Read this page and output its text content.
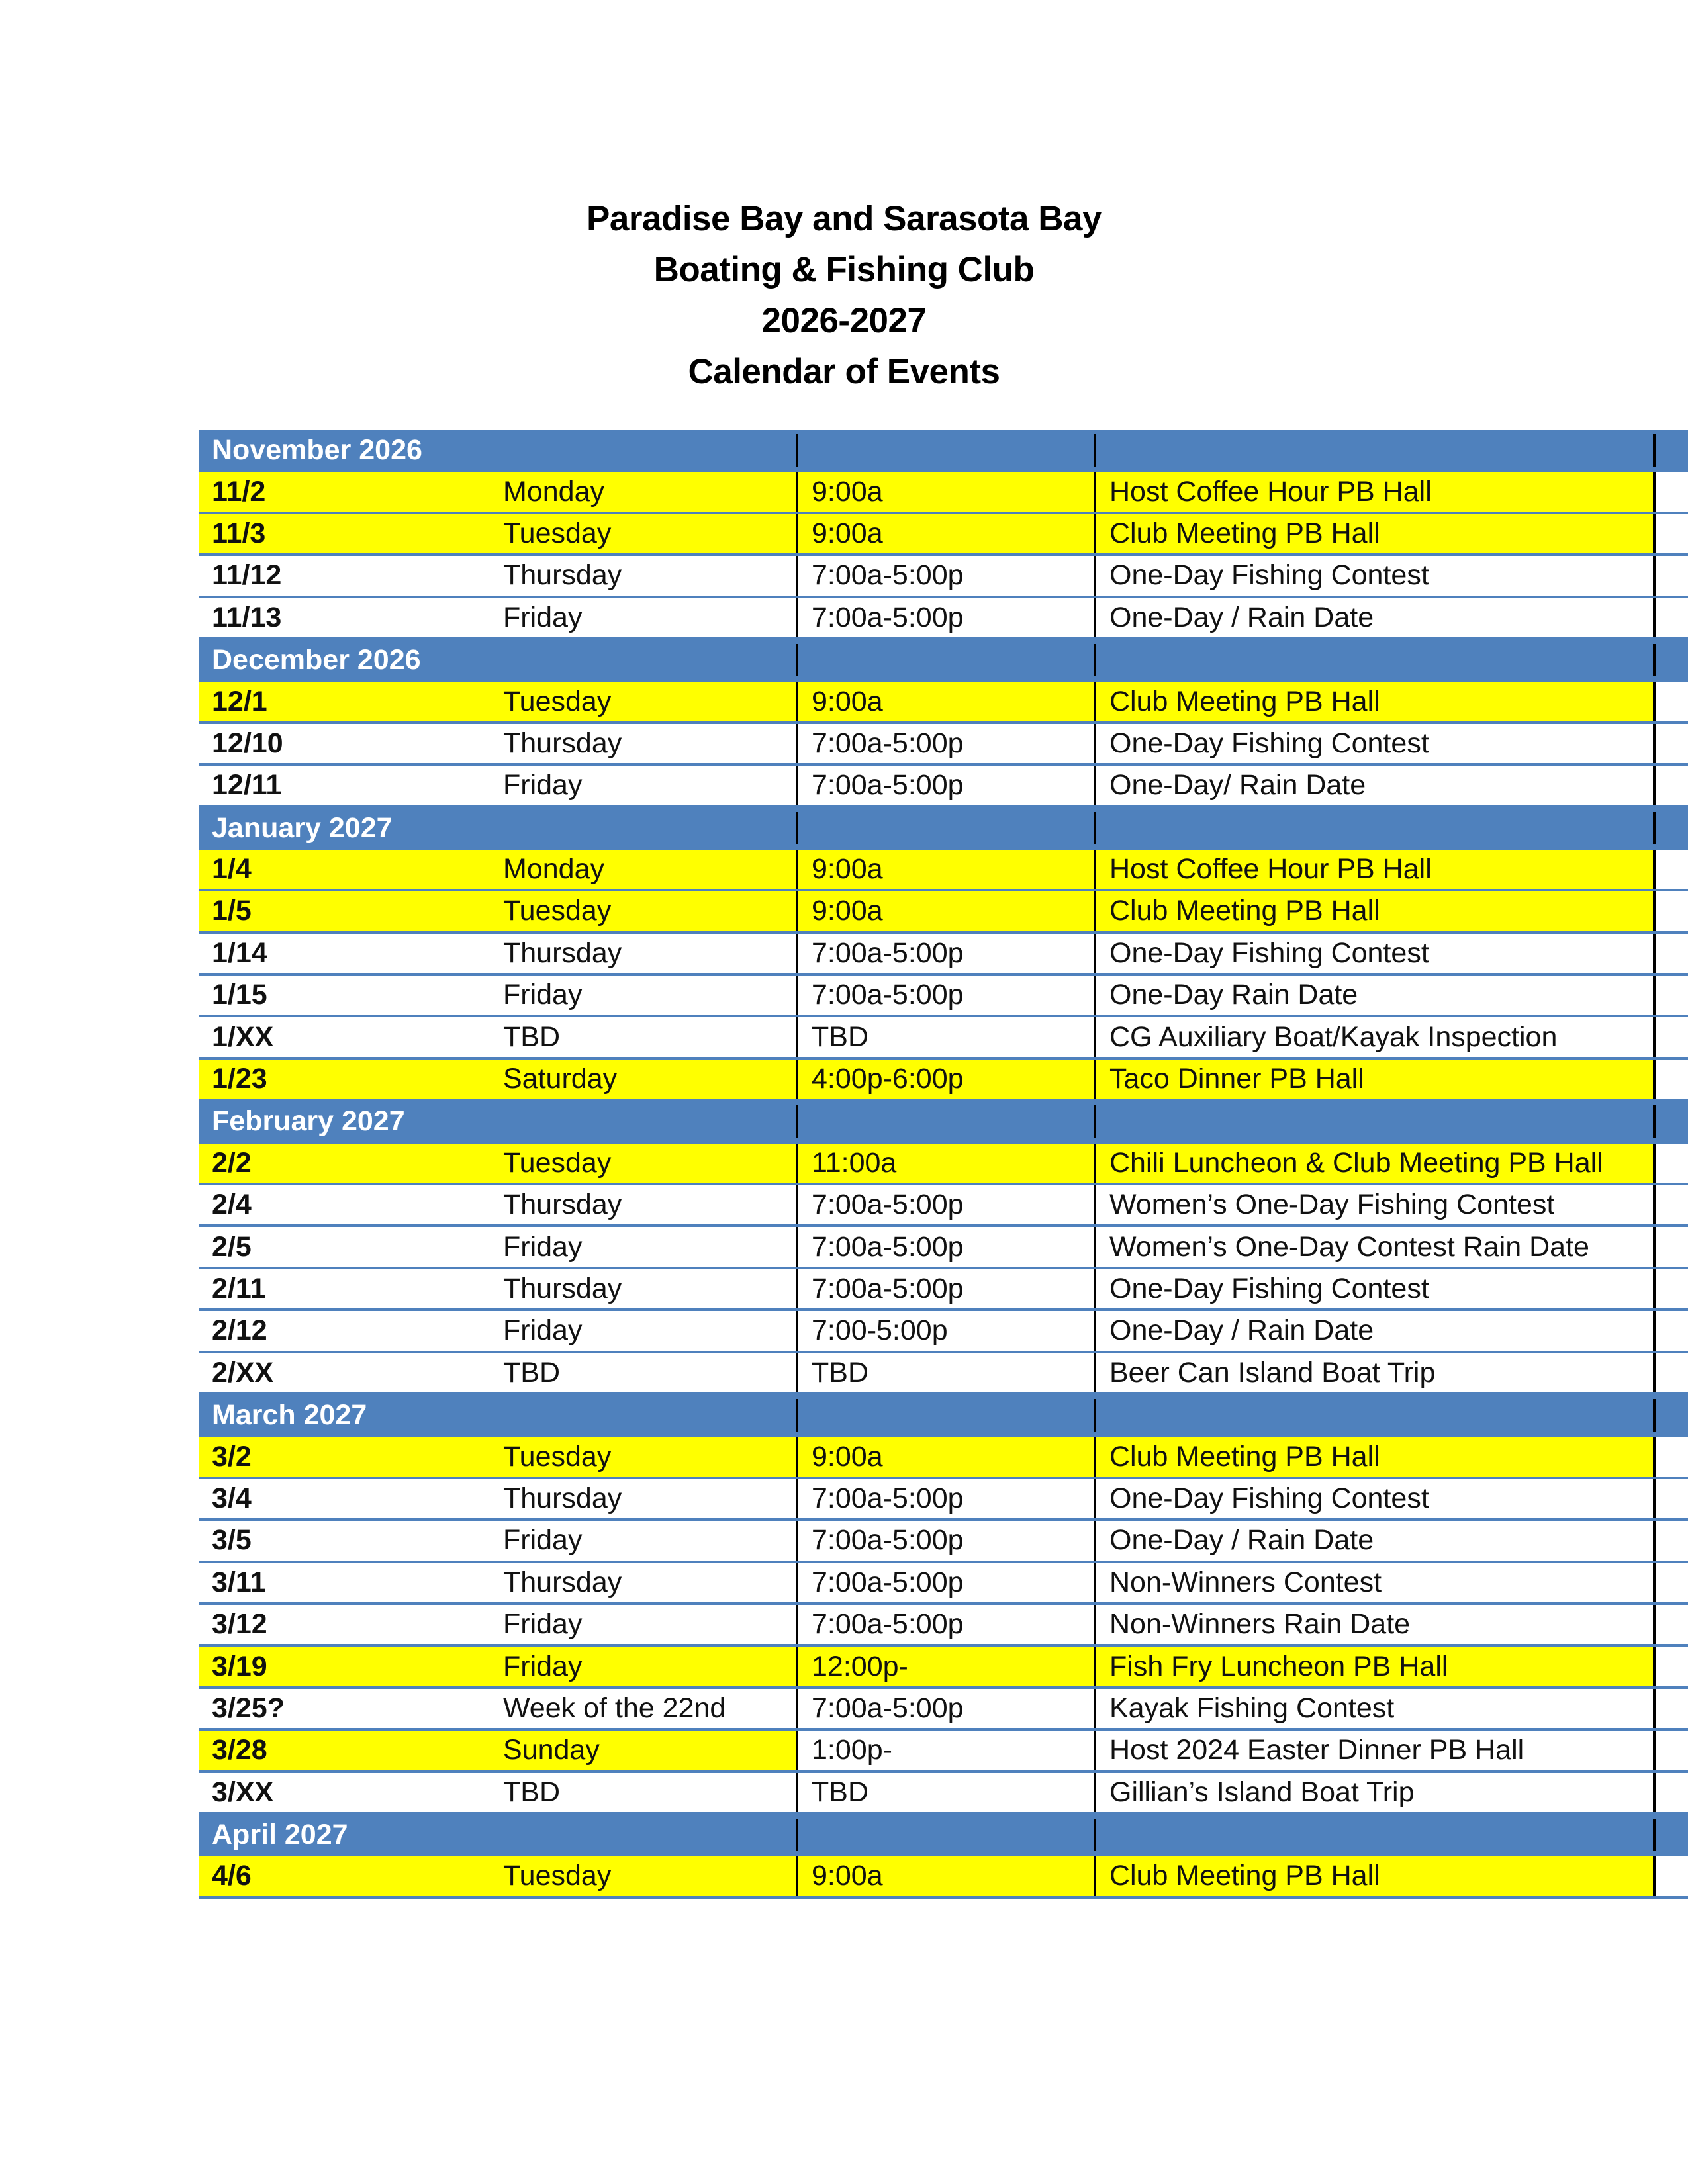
Paradise Bay and Sarasota Bay
Boating & Fishing Club
2026-2027
Calendar of Events
November 2026
11/2	Monday	9:00a	Host Coffee Hour PB Hall
11/3	Tuesday	9:00a	Club Meeting PB Hall
11/12	Thursday	7:00a-5:00p	One-Day Fishing Contest
11/13	Friday	7:00a-5:00p	One-Day / Rain Date
December 2026
12/1	Tuesday	9:00a	Club Meeting PB Hall
12/10	Thursday	7:00a-5:00p	One-Day Fishing Contest
12/11	Friday	7:00a-5:00p	One-Day/ Rain Date
January 2027
1/4	Monday	9:00a	Host Coffee Hour PB Hall
1/5	Tuesday	9:00a	Club Meeting PB Hall
1/14	Thursday	7:00a-5:00p	One-Day Fishing Contest
1/15	Friday	7:00a-5:00p	One-Day Rain Date
1/XX	TBD	TBD	CG Auxiliary Boat/Kayak Inspection
1/23	Saturday	4:00p-6:00p	Taco Dinner PB Hall
February 2027
2/2	Tuesday	11:00a	Chili Luncheon & Club Meeting PB Hall
2/4	Thursday	7:00a-5:00p	Women’s One-Day Fishing Contest
2/5	Friday	7:00a-5:00p	Women’s One-Day Contest Rain Date
2/11	Thursday	7:00a-5:00p	One-Day Fishing Contest
2/12	Friday	7:00-5:00p	One-Day / Rain Date
2/XX	TBD	TBD	Beer Can Island Boat Trip
March 2027
3/2	Tuesday	9:00a	Club Meeting PB Hall
3/4	Thursday	7:00a-5:00p	One-Day Fishing Contest
3/5	Friday	7:00a-5:00p	One-Day / Rain Date
3/11	Thursday	7:00a-5:00p	Non-Winners Contest
3/12	Friday	7:00a-5:00p	Non-Winners Rain Date
3/19	Friday	12:00p-	Fish Fry Luncheon PB Hall
3/25?	Week of the 22nd	7:00a-5:00p	Kayak Fishing Contest
3/28	Sunday	1:00p-	Host 2024 Easter Dinner PB Hall
3/XX	TBD	TBD	Gillian’s Island Boat Trip
April 2027
4/6	Tuesday	9:00a	Club Meeting PB Hall
